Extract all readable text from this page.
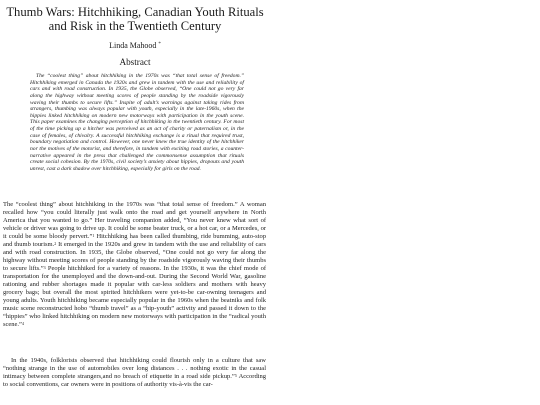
Thumb Wars: Hitchhiking, Canadian Youth Rituals and Risk in the Twentieth Century
Linda Mahood *
Abstract

The “coolest thing” about hitchhiking in the 1970s was “that total sense of freedom.” Hitchhiking emerged in Canada the 1920s and grew in tandem with the use and reliability of cars and with road construction. In 1935, the Globe observed, “One could not go very far along the highway without meeting scores of people standing by the roadside vigorously waving their thumbs to secure lifts.” Inspite of adult’s warnings against taking rides from strangers, thumbing was always popular with youth, especially in the late-1960s, when the hippies linked hitchhiking on modern new motorways with participation in the youth scene. This paper examines the changing perception of hitchhiking in the twentieth century. For most of the time picking up a hitcher was perceived as an act of charity or paternalism or, in the case of females, of chivalry. A successful hitchhiking exchange is a ritual that required trust, boundary negotiation and control. However, one never knew the true identity of the hitchhiker nor the motives of the motorist, and therefore, in tandem with exciting road stories, a counter-narrative appeared in the press that challenged the commonsense assumption that rituals create social cohesion. By the 1970s, civil society’s anxiety about hippies, dropouts and youth unrest, cast a dark shadow over hitchhiking, especially for girls on the road.

The “coolest thing” about hitchhiking in the 1970s was “that total sense of freedom.” A woman recalled how “you could literally just walk onto the road and get yourself anywhere in North America that you wanted to go.” Her traveling companion added, “You never knew what sort of vehicle or driver was going to drive up. It could be some beater truck, or a hot car, or a Mercedes, or it could be some bloody pervert.”$^1$ Hitchhiking has been called thumbing, ride bumming, auto-stop and thumb tourism.$^2$ It emerged in the 1920s and grew in tandem with the use and reliability of cars and with road construction. In 1935, the Globe observed, “One could not go very far along the highway without meeting scores of people standing by the roadside vigorously waving their thumbs to secure lifts.”$^3$ People hitchhiked for a variety of reasons. In the 1930s, it was the chief mode of transportation for the unemployed and the down-and-out. During the Second World War, gasoline rationing and rubber shortages made it popular with car-less soldiers and mothers with heavy grocery bags; but overall the most spirited hitchhikers were yet-to-be car-owning teenagers and young adults. Youth hitchhiking became especially popular in the 1960s when the beatniks and folk music scene reconstructed hobo “thumb travel” as a “hip-youth” activity and passed it down to the “hippies” who linked hitchhiking on modern new motorways with participation in the “radical youth scene.”$^4$

In the 1940s, folklorists observed that hitchhiking could flourish only in a culture that saw “nothing strange in the use of automobiles over long distances . . . nothing exotic in the casual intimacy between complete strangers,and no breach of etiquette in a road side pickup.”$^5$ According to social conventions, car owners were in positions of authority vis-à-vis the car-
